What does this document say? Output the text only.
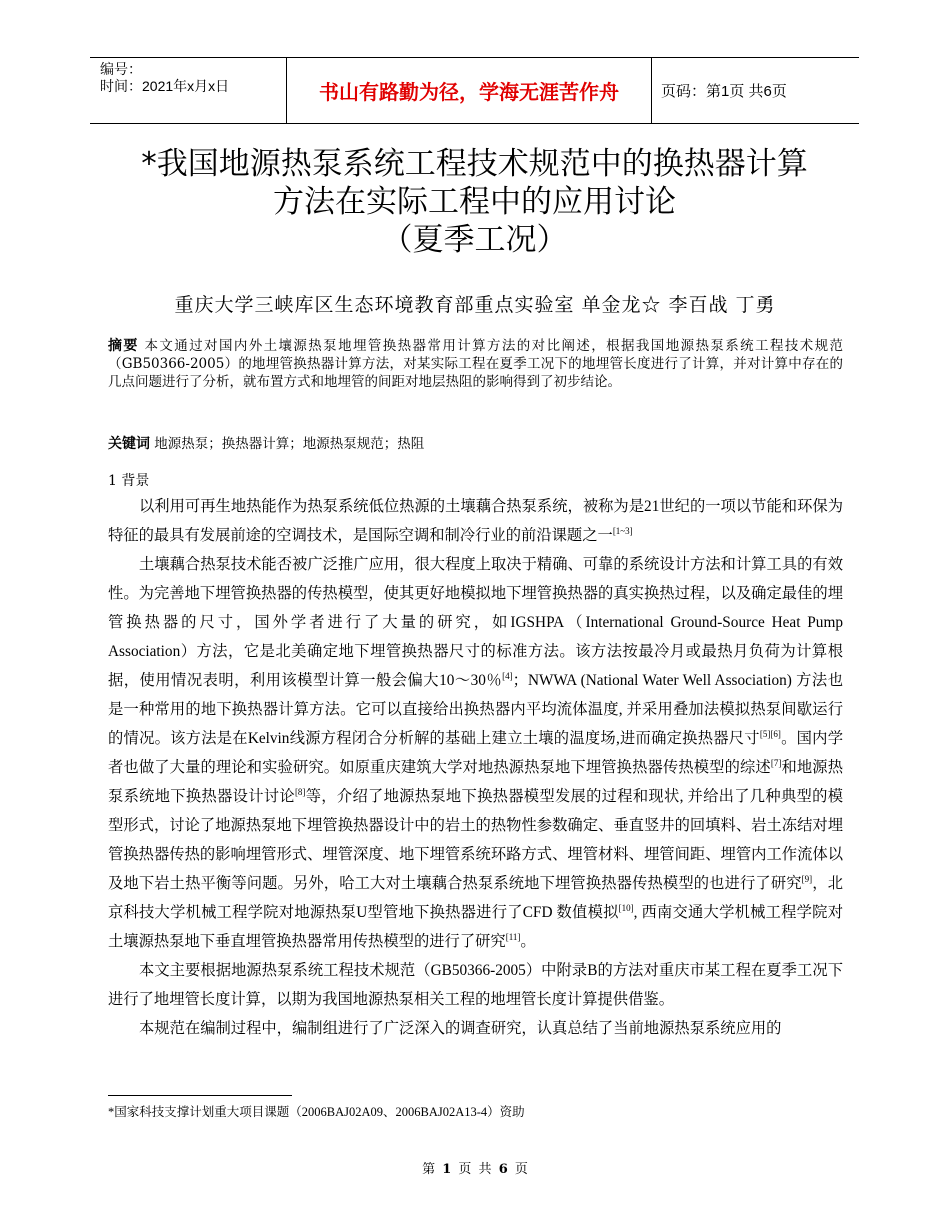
编号：
时间：2021年x月x日	书山有路勤为径，学海无涯苦作舟	页码：第1页 共6页
*我国地源热泵系统工程技术规范中的换热器计算
方法在实际工程中的应用讨论
（夏季工况）
重庆大学三峡库区生态环境教育部重点实验室 单金龙☆ 李百战 丁勇
摘要 本文通过对国内外土壤源热泵地埋管换热器常用计算方法的对比阐述，根据我国地源热泵系统工程技术规范（GB50366-2005）的地埋管换热器计算方法，对某实际工程在夏季工况下的地埋管长度进行了计算，并对计算中存在的几点问题进行了分析，就布置方式和地埋管的间距对地层热阻的影响得到了初步结论。
关键词 地源热泵；换热器计算；地源热泵规范；热阻
1 背景

以利用可再生地热能作为热泵系统低位热源的土壤藕合热泵系统，被称为是21世纪的一项以节能和环保为特征的最具有发展前途的空调技术，是国际空调和制冷行业的前沿课题之一[1~3]

土壤藕合热泵技术能否被广泛推广应用，很大程度上取决于精确、可靠的系统设计方法和计算工具的有效性。为完善地下埋管换热器的传热模型，使其更好地模拟地下埋管换热器的真实换热过程，以及确定最佳的埋管换热器的尺寸，国外学者进行了大量的研究，如IGSHPA（International Ground-Source Heat Pump Association）方法，它是北美确定地下埋管换热器尺寸的标准方法。该方法按最冷月或最热月负荷为计算根据，使用情况表明，利用该模型计算一般会偏大10～30％[4]；NWWA (National Water Well Association) 方法也是一种常用的地下换热器计算方法。它可以直接给出换热器内平均流体温度, 并采用叠加法模拟热泵间歇运行的情况。该方法是在Kelvin线源方程闭合分析解的基础上建立土壤的温度场,进而确定换热器尺寸[5][6]。国内学者也做了大量的理论和实验研究。如原重庆建筑大学对地热源热泵地下埋管换热器传热模型的综述[7]和地源热泵系统地下换热器设计讨论[8]等，介绍了地源热泵地下换热器模型发展的过程和现状, 并给出了几种典型的模型形式，讨论了地源热泵地下埋管换热器设计中的岩土的热物性参数确定、垂直竖井的回填料、岩土冻结对埋管换热器传热的影响埋管形式、埋管深度、地下埋管系统环路方式、埋管材料、埋管间距、埋管内工作流体以及地下岩土热平衡等问题。另外，哈工大对土壤藕合热泵系统地下埋管换热器传热模型的也进行了研究[9]，北京科技大学机械工程学院对地源热泵U型管地下换热器进行了CFD 数值模拟[10], 西南交通大学机械工程学院对土壤源热泵地下垂直埋管换热器常用传热模型的进行了研究[11]。

本文主要根据地源热泵系统工程技术规范（GB50366-2005）中附录B的方法对重庆市某工程在夏季工况下进行了地埋管长度计算，以期为我国地源热泵相关工程的地埋管长度计算提供借鉴。

本规范在编制过程中，编制组进行了广泛深入的调查研究，认真总结了当前地源热泵系统应用的

*国家科技支撑计划重大项目课题（2006BAJ02A09、2006BAJ02A13-4）资助
第 1 页 共 6 页
